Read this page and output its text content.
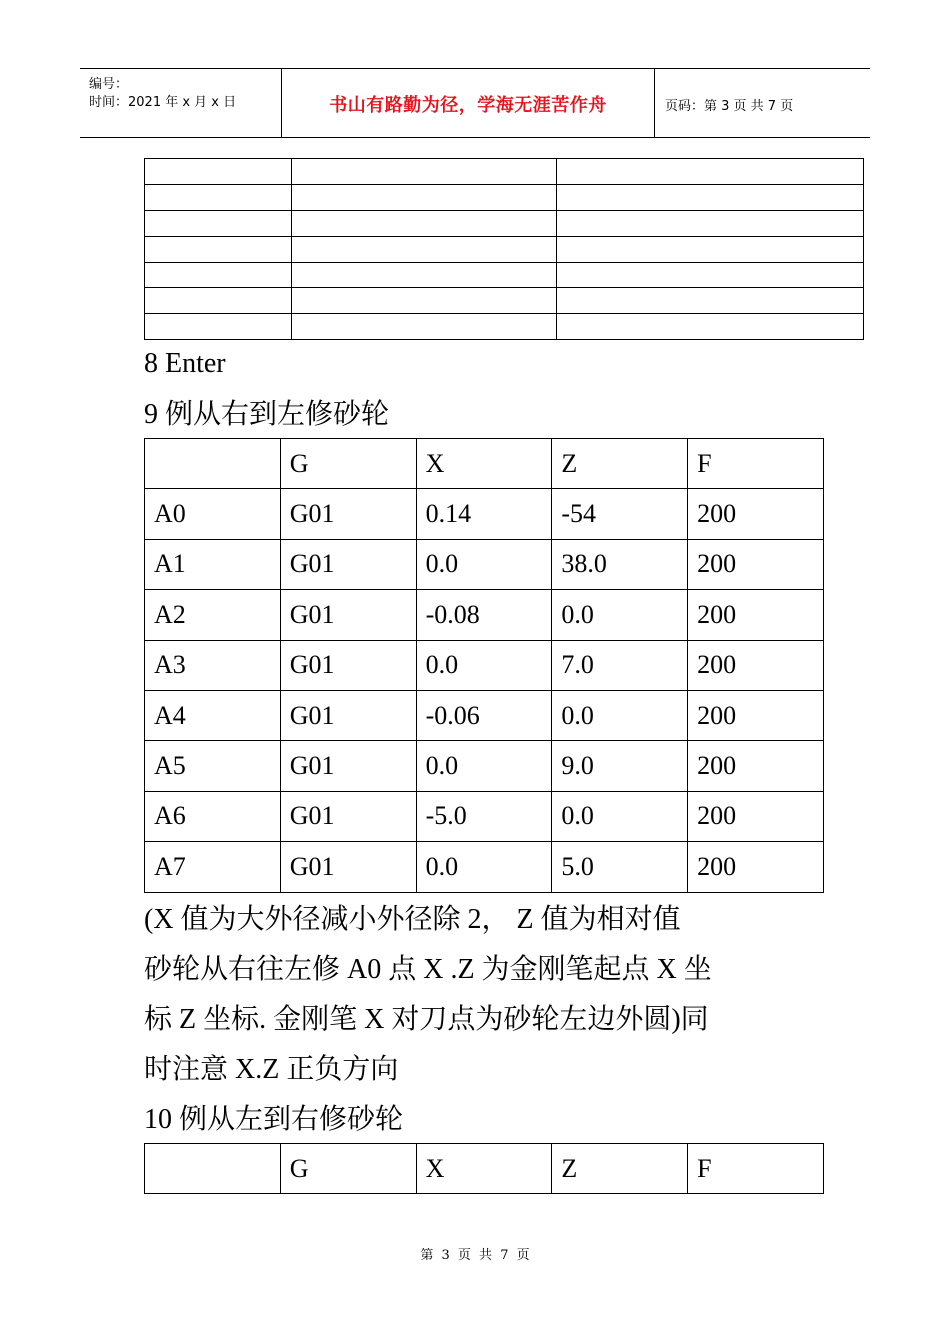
编号：
时间：2021 年 x 月 x 日	书山有路勤为径，学海无涯苦作舟	页码：第 3 页 共 7 页

8 Enter
9 例从右到左修砂轮
	G	X	Z	F
A0	G01	0.14	-54	200
A1	G01	0.0	38.0	200
A2	G01	-0.08	0.0	200
A3	G01	0.0	7.0	200
A4	G01	-0.06	0.0	200
A5	G01	0.0	9.0	200
A6	G01	-5.0	0.0	200
A7	G01	0.0	5.0	200
(X 值为大外径减小外径除 2， Z 值为相对值
砂轮从右往左修 A0 点 X .Z 为金刚笔起点 X 坐
标 Z 坐标. 金刚笔 X 对刀点为砂轮左边外圆)同
时注意 X.Z 正负方向
10 例从左到右修砂轮
	G	X	Z	F
第 3 页 共 7 页
